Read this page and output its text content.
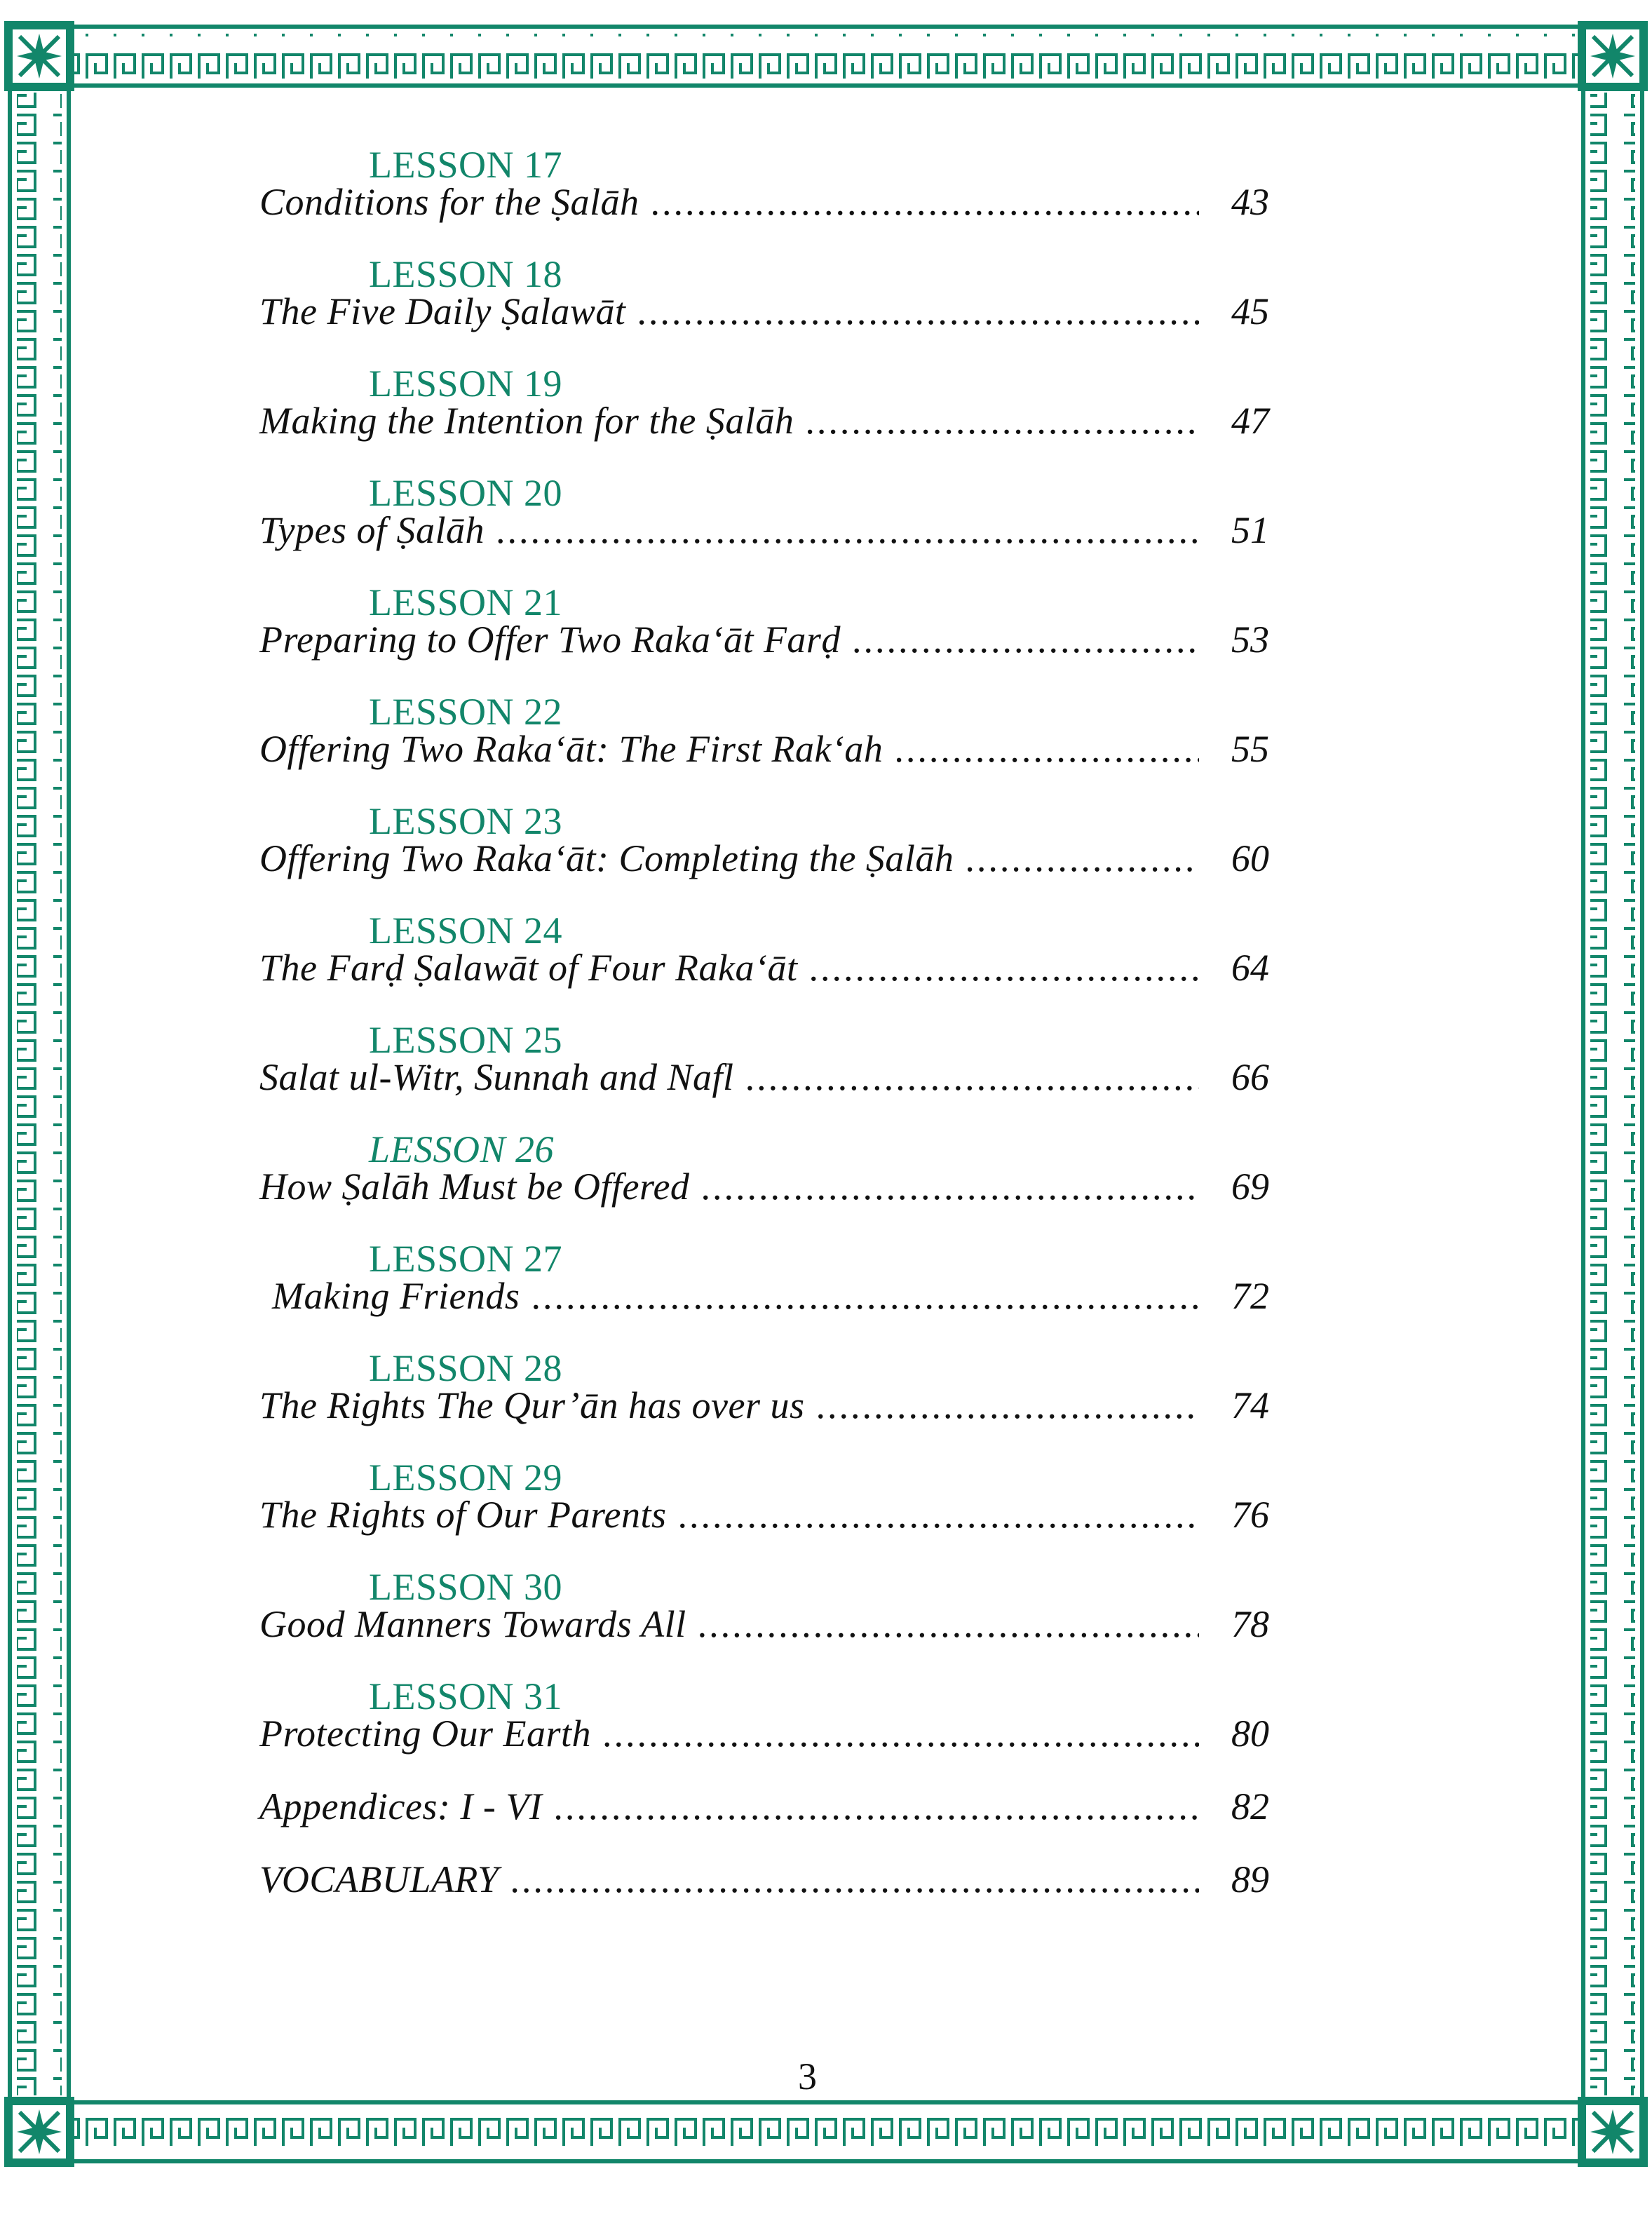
LESSON 17
Conditions for the Ṣalāh .....	43
LESSON 18
The Five Daily Ṣalawāt .....	45
LESSON 19
Making the Intention for the Ṣalāh .....	47
LESSON 20
Types of Ṣalāh .....	51
LESSON 21
Preparing to Offer Two Raka‘āt Farḍ .....	53
LESSON 22
Offering Two Raka‘āt: The First Rak‘ah .....	55
LESSON 23
Offering Two Raka‘āt: Completing the Ṣalāh .....	60
LESSON 24
The Farḍ Ṣalawāt of Four Raka‘āt .....	64
LESSON 25
Salat ul-Witr, Sunnah and Nafl .....	66
LESSON 26
How Ṣalāh Must be Offered .....	69
LESSON 27
Making Friends .....	72
LESSON 28
The Rights The Qur’ān has over us .....	74
LESSON 29
The Rights of Our Parents .....	76
LESSON 30
Good Manners Towards All .....	78
LESSON 31
Protecting Our Earth .....	80
Appendices: I - VI .....	82
VOCABULARY .....	89
3
